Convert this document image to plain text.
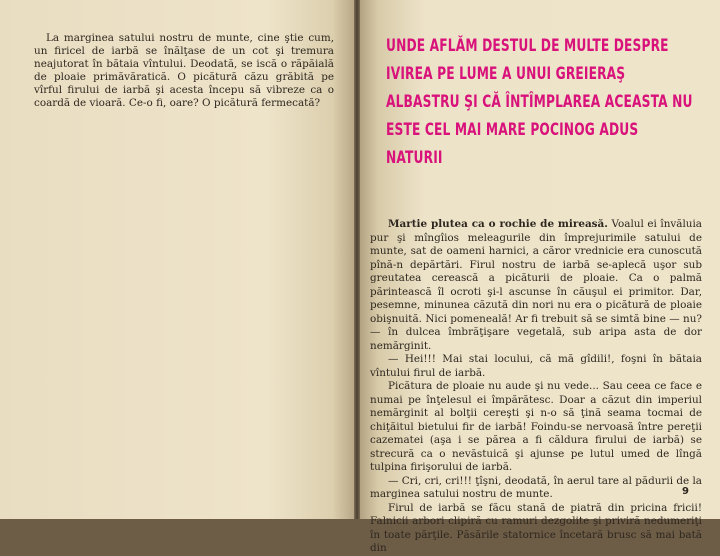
La marginea satului nostru de munte, cine ştie cum, un firicel de iarbă se înălţase de un cot şi tremura neajutorat în bătaia vîntului. Deodată, se iscă o răpăială de ploaie primăvăratică. O picătură căzu grăbită pe vîrful firului de iarbă şi acesta începu să vibreze ca o coardă de vioară. Ce-o fi, oare? O picătură fermecată?

UNDE AFLĂM DESTUL DE MULTE DESPRE IVIREA PE LUME A UNUI GREIERAŞ ALBASTRU ŞI CĂ ÎNTÎMPLAREA ACEASTA NU ESTE CEL MAI MARE POCINOG ADUS NATURII

Martie plutea ca o rochie de mireasă. Voalul ei învăluia pur şi mîngîios meleagurile din împrejurimile satului de munte, sat de oameni harnici, a căror vrednicie era cunoscută pînă-n depărtări. Firul nostru de iarbă se-aplecă uşor sub greutatea cerească a picăturii de ploaie. Ca o palmă părintească îl ocroti şi-l ascunse în căuşul ei primitor. Dar, pesemne, minunea căzută din nori nu era o picătură de ploaie obişnuită. Nici pomeneală! Ar fi trebuit să se simtă bine — nu? — în dulcea îmbrăţişare vegetală, sub aripa asta de dor nemărginit.

— Hei!!! Mai stai locului, că mă gîdili!, foşni în bătaia vîntului firul de iarbă.

Picătura de ploaie nu aude şi nu vede... Sau ceea ce face e numai pe înţelesul ei împărătesc. Doar a căzut din imperiul nemărginit al bolţii cereşti şi n-o să ţină seama tocmai de chiţăitul bietului fir de iarbă! Foindu-se nervoasă între pereţii cazematei (aşa i se părea a fi căldura firului de iarbă) se strecură ca o nevăstuică şi ajunse pe lutul umed de lîngă tulpina firişorului de iarbă.

— Cri, cri, cri!!! ţîşni, deodată, în aerul tare al pădurii de la marginea satului nostru de munte.

Firul de iarbă se făcu stană de piatră din pricina fricii! Falnicii arbori clipiră cu ramuri dezgolite şi priviră nedumeriţi în toate părţile. Păsările statornice încetară brusc să mai bată din

9
